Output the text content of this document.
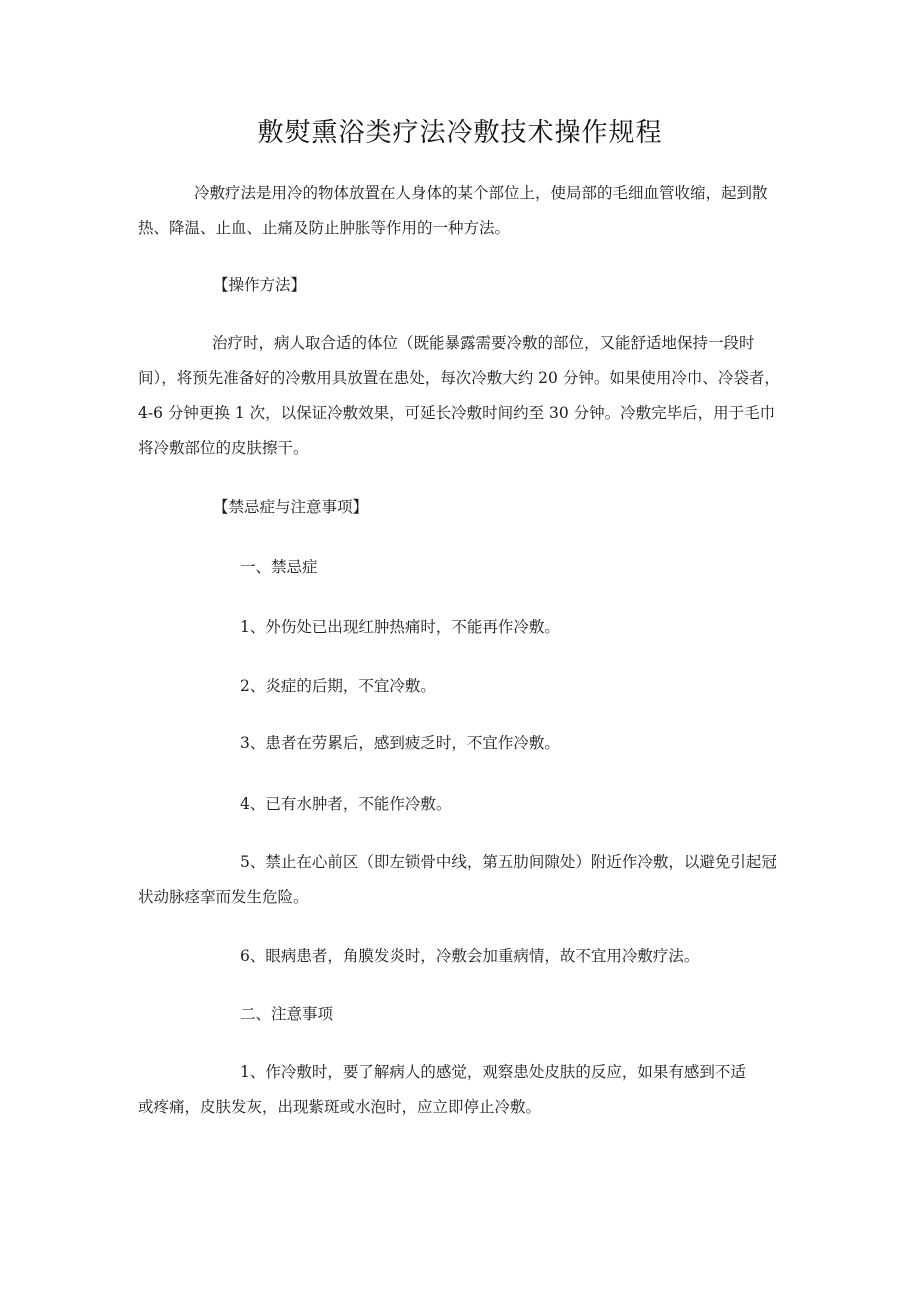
敷熨熏浴类疗法冷敷技术操作规程

冷敷疗法是用冷的物体放置在人身体的某个部位上，使局部的毛细血管收缩，起到散热、降温、止血、止痛及防止肿胀等作用的一种方法。

【操作方法】

治疗时，病人取合适的体位（既能暴露需要冷敷的部位，又能舒适地保持一段时间），将预先准备好的冷敷用具放置在患处，每次冷敷大约 20 分钟。如果使用冷巾、冷袋者，4-6 分钟更换 1 次，以保证冷敷效果，可延长冷敷时间约至 30 分钟。冷敷完毕后，用于毛巾将冷敷部位的皮肤擦干。

【禁忌症与注意事项】
一、禁忌症
1、外伤处已出现红肿热痛时，不能再作冷敷。
2、炎症的后期，不宜冷敷。
3、患者在劳累后，感到疲乏时，不宜作冷敷。
4、已有水肿者，不能作冷敷。
5、禁止在心前区（即左锁骨中线，第五肋间隙处）附近作冷敷，以避免引起冠状动脉痉挛而发生危险。
6、眼病患者，角膜发炎时，冷敷会加重病情，故不宜用冷敷疗法。
二、注意事项
1、作冷敷时，要了解病人的感觉，观察患处皮肤的反应，如果有感到不适或疼痛，皮肤发灰，出现紫斑或水泡时，应立即停止冷敷。
